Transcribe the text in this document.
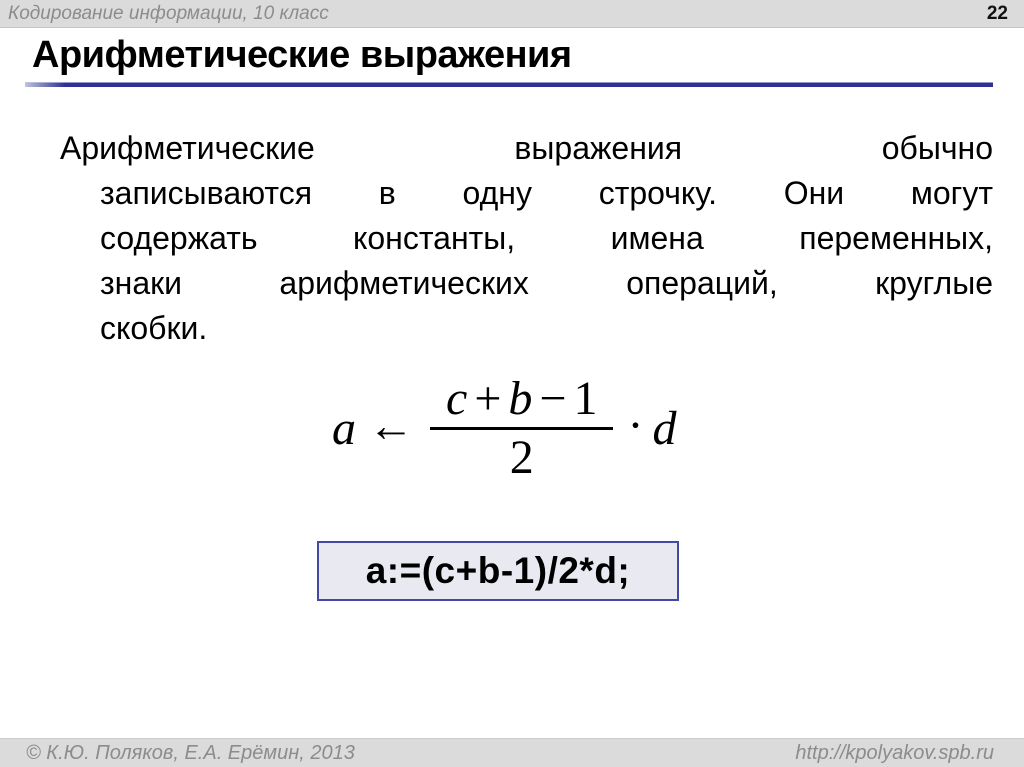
Кодирование информации, 10 класс	22
Арифметические выражения
Арифметические выражения обычно
записываются в одну строчку. Они могут
содержать константы, имена переменных,
знаки арифметических операций, круглые
скобки.
a ← $\frac{c + b - 1}{2} \cdot d$
a:=(c+b-1)/2*d;
© К.Ю. Поляков, Е.А. Ерёмин, 2013	http://kpolyakov.spb.ru
